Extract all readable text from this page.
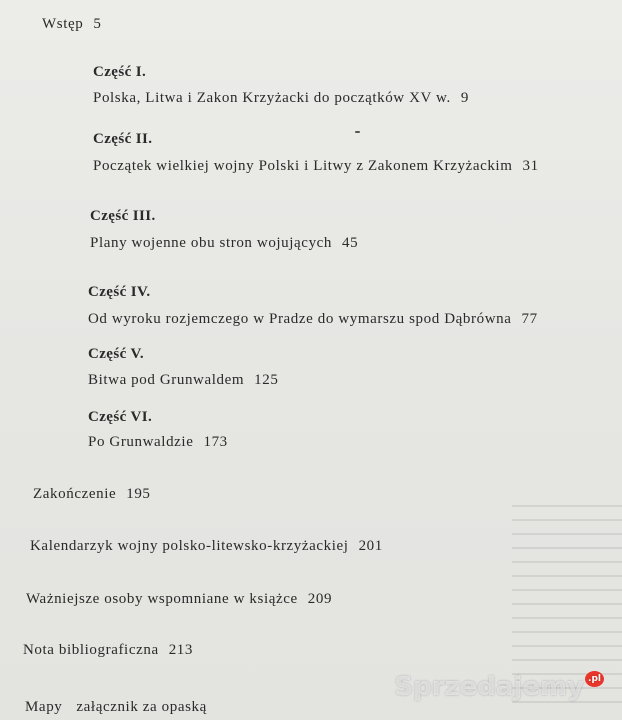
Wstęp 5
Część I.
Polska, Litwa i Zakon Krzyżacki do początków XV w. 9
Część II.
Początek wielkiej wojny Polski i Litwy z Zakonem Krzyżackim 31
Część III.
Plany wojenne obu stron wojujących 45
Część IV.
Od wyroku rozjemczego w Pradze do wymarszu spod Dąbrówna 77
Część V.
Bitwa pod Grunwaldem 125
Część VI.
Po Grunwaldzie 173
Zakończenie 195
Kalendarzyk wojny polsko-litewsko-krzyżackiej 201
Ważniejsze osoby wspomniane w książce 209
Nota bibliograficzna 213
Mapy załącznik za opaską
Sprzedajemy $^{.pl}$
